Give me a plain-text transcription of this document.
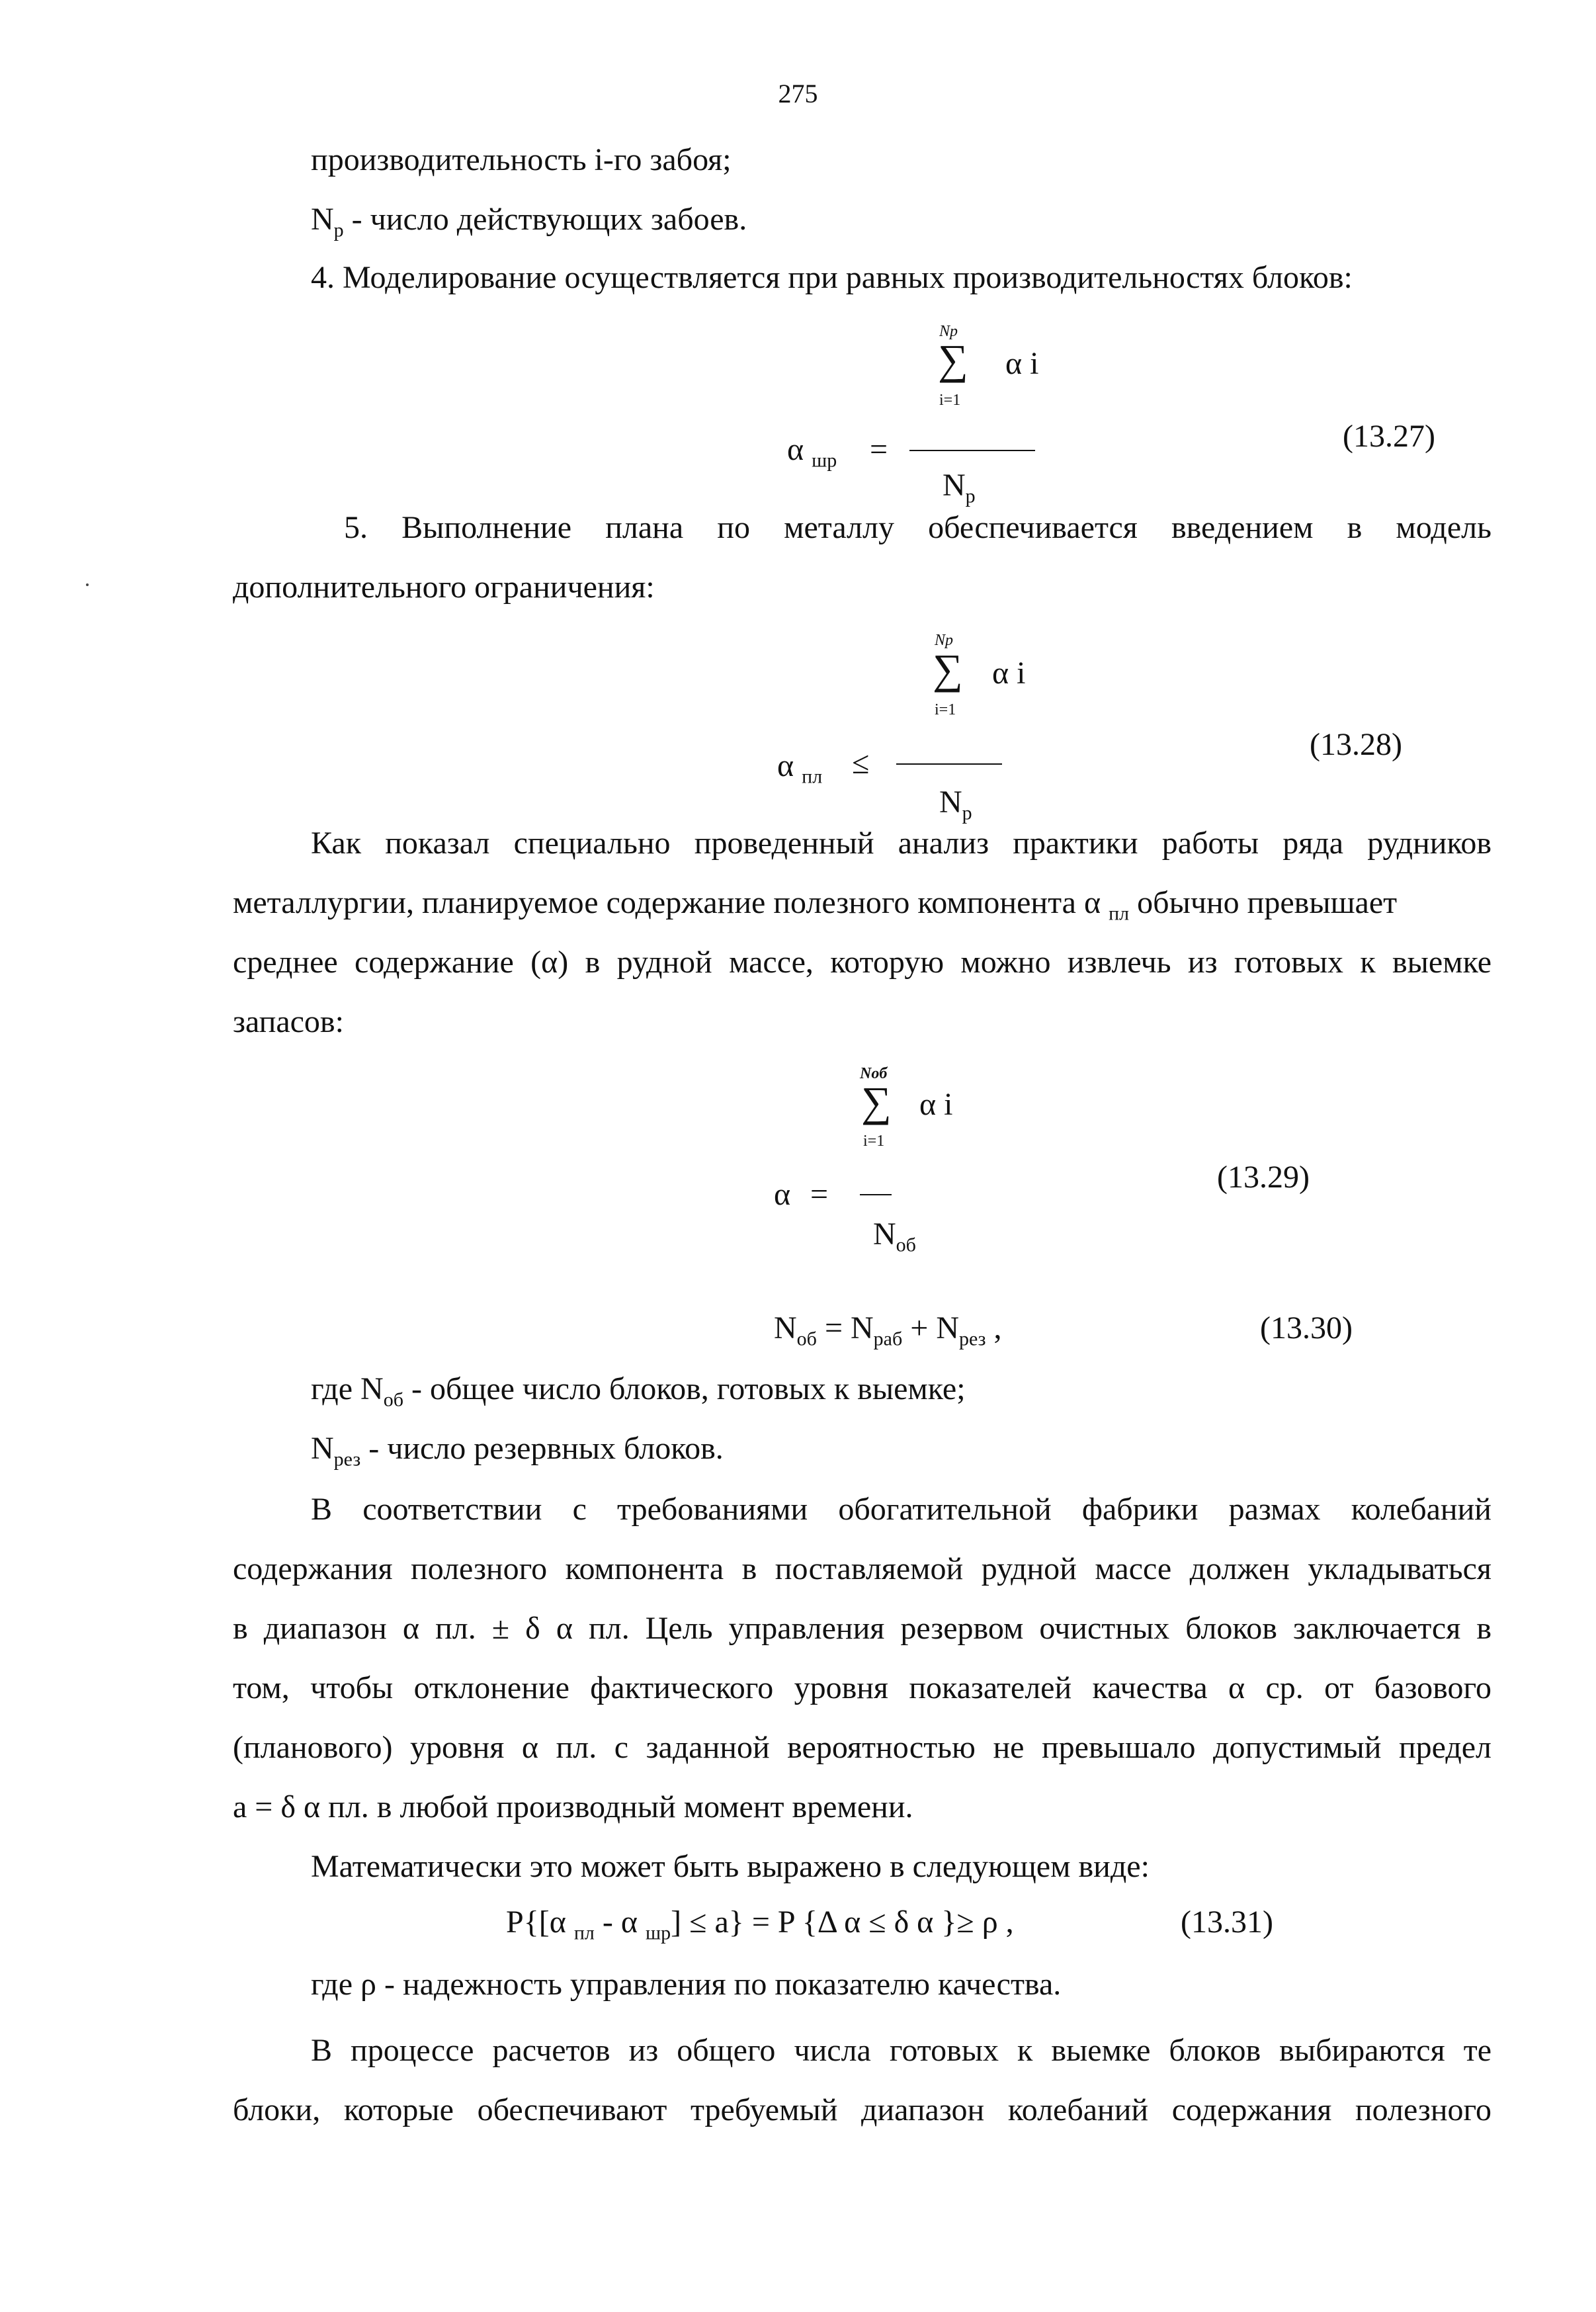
275
производительность i-го забоя;
$N_р$ - число действующих забоев.
4. Моделирование осуществляется при равных производительностях блоков:
Np
∑
i=1
α i
α $_{шр}$ =
$N_р$
(13.27)
5. Выполнение плана по металлу обеспечивается введением в модель
дополнительного ограничения:
Np
∑
i=1
α i
α $_{пл}$ ≤
$N_р$
(13.28)
Как показал специально проведенный анализ практики работы ряда рудников
металлургии, планируемое содержание полезного компонента α $_{пл}$ обычно превышает
среднее содержание (α) в рудной массе, которую можно извлечь из готовых к выемке
запасов:
Nоб
∑
i=1
α i
α =
$N_{об}$
(13.29)
$N_{об} = N_{раб} + N_{рез}$ ,	(13.30)
где $N_{об}$ - общее число блоков, готовых к выемке;
$N_{рез}$ - число резервных блоков.
В соответствии с требованиями обогатительной фабрики размах колебаний
содержания полезного компонента в поставляемой рудной массе должен укладываться
в диапазон α пл. ± δ α пл. Цель управления резервом очистных блоков заключается в
том, чтобы отклонение фактического уровня показателей качества α ср. от базового
(планового) уровня α пл. с заданной вероятностью не превышало допустимый предел
а = δ α пл. в любой производный момент времени.
Математически это может быть выражено в следующем виде:
P{[α $_{пл}$ - α $_{шр}$] ≤ a} = P {Δ α ≤ δ α }≥ ρ ,	(13.31)
где ρ - надежность управления по показателю качества.
В процессе расчетов из общего числа готовых к выемке блоков выбираются те
блоки, которые обеспечивают требуемый диапазон колебаний содержания полезного
